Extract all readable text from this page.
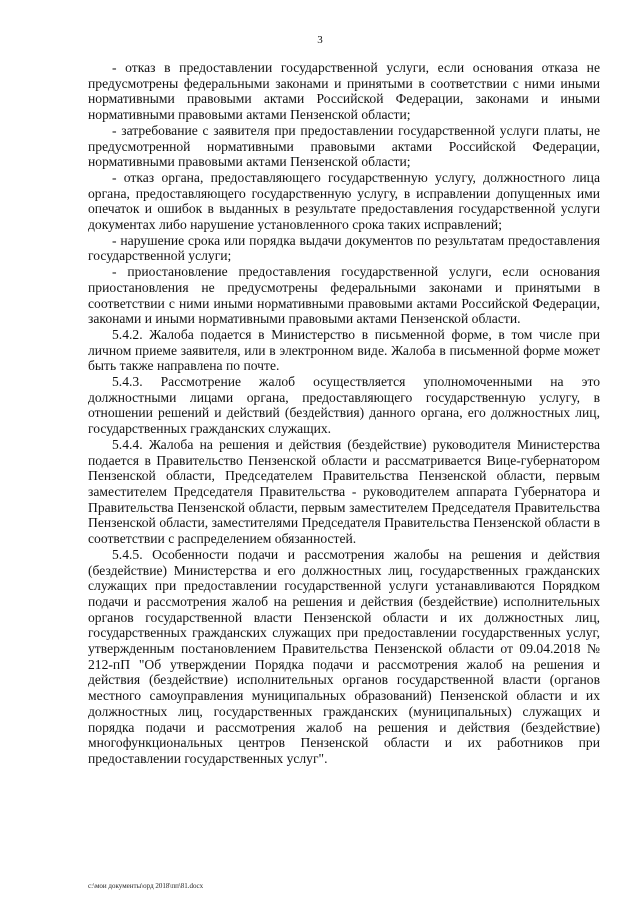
3

- отказ в предоставлении государственной услуги, если основания отказа не предусмотрены федеральными законами и принятыми в соответствии с ними иными нормативными правовыми актами Российской Федерации, законами и иными нормативными правовыми актами Пензенской области;

- затребование с заявителя при предоставлении государственной услуги платы, не предусмотренной нормативными правовыми актами Российской Федерации, нормативными правовыми актами Пензенской области;

- отказ органа, предоставляющего государственную услугу, должностного лица органа, предоставляющего государственную услугу, в исправлении допущенных ими опечаток и ошибок в выданных в результате предоставления государственной услуги документах либо нарушение установленного срока таких исправлений;

- нарушение срока или порядка выдачи документов по результатам предоставления государственной услуги;

- приостановление предоставления государственной услуги, если основания приостановления не предусмотрены федеральными законами и принятыми в соответствии с ними иными нормативными правовыми актами Российской Федерации, законами и иными нормативными правовыми актами Пензенской области.

5.4.2. Жалоба подается в Министерство в письменной форме, в том числе при личном приеме заявителя, или в электронном виде. Жалоба в письменной форме может быть также направлена по почте.

5.4.3. Рассмотрение жалоб осуществляется уполномоченными на это должностными лицами органа, предоставляющего государственную услугу, в отношении решений и действий (бездействия) данного органа, его должностных лиц, государственных гражданских служащих.

5.4.4. Жалоба на решения и действия (бездействие) руководителя Министерства подается в Правительство Пензенской области и рассматривается Вице-губернатором Пензенской области, Председателем Правительства Пензенской области, первым заместителем Председателя Правительства - руководителем аппарата Губернатора и Правительства Пензенской области, первым заместителем Председателя Правительства Пензенской области, заместителями Председателя Правительства Пензенской области в соответствии с распределением обязанностей.

5.4.5. Особенности подачи и рассмотрения жалобы на решения и действия (бездействие) Министерства и его должностных лиц, государственных гражданских служащих при предоставлении государственной услуги устанавливаются Порядком подачи и рассмотрения жалоб на решения и действия (бездействие) исполнительных органов государственной власти Пензенской области и их должностных лиц, государственных гражданских служащих при предоставлении государственных услуг, утвержденным постановлением Правительства Пензенской области от 09.04.2018 № 212-пП "Об утверждении Порядка подачи и рассмотрения жалоб на решения и действия (бездействие) исполнительных органов государственной власти (органов местного самоуправления муниципальных образований) Пензенской области и их должностных лиц, государственных гражданских (муниципальных) служащих и порядка подачи и рассмотрения жалоб на решения и действия (бездействие) многофункциональных центров Пензенской области и их работников при предоставлении государственных услуг".

c:\мои документы\орд 2018\пп\81.docx
